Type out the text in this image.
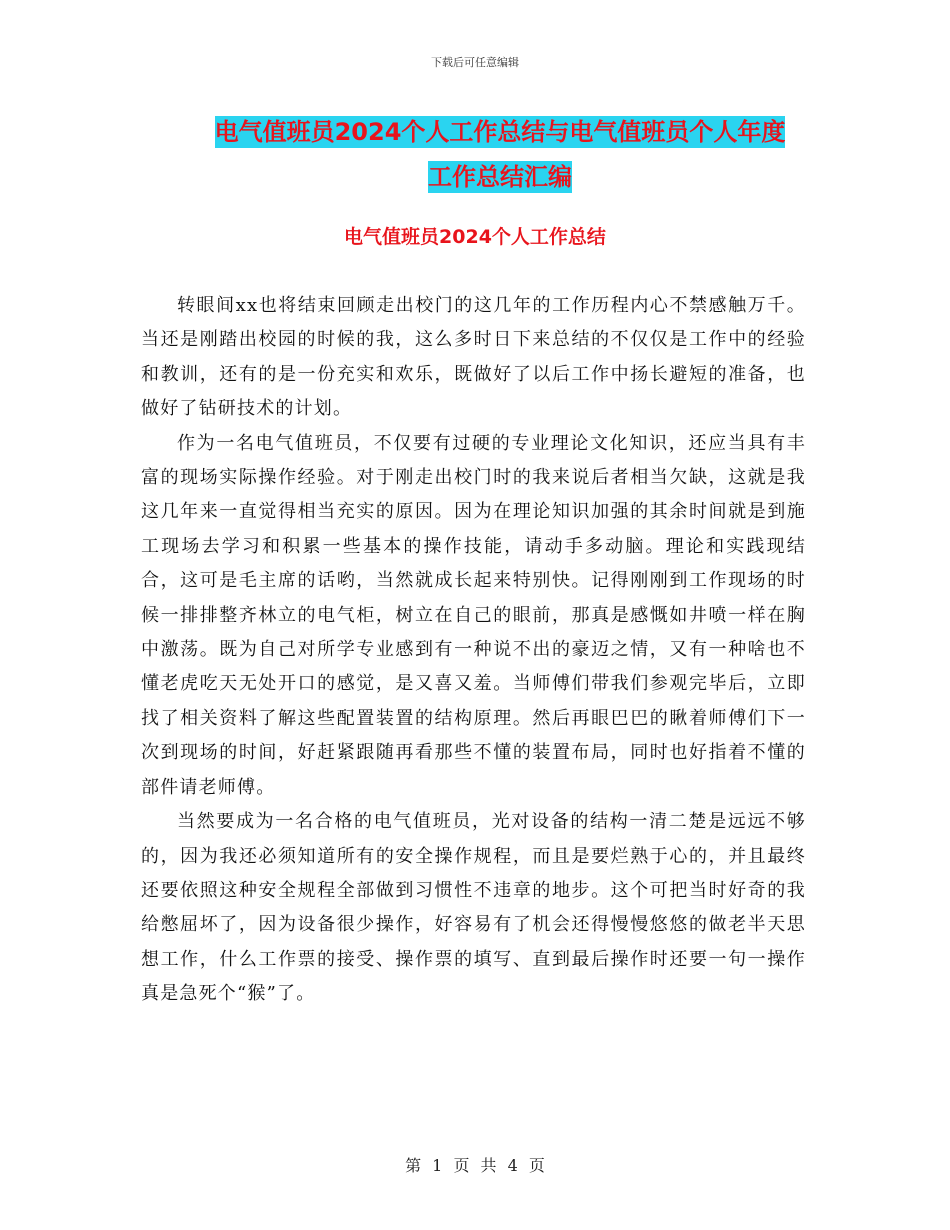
下载后可任意编辑
电气值班员2024个人工作总结与电气值班员个人年度
工作总结汇编
电气值班员2024个人工作总结

转眼间xx也将结束回顾走出校门的这几年的工作历程内心不禁感触万千。当还是刚踏出校园的时候的我，这么多时日下来总结的不仅仅是工作中的经验和教训，还有的是一份充实和欢乐，既做好了以后工作中扬长避短的准备，也做好了钻研技术的计划。

作为一名电气值班员，不仅要有过硬的专业理论文化知识，还应当具有丰富的现场实际操作经验。对于刚走出校门时的我来说后者相当欠缺，这就是我这几年来一直觉得相当充实的原因。因为在理论知识加强的其余时间就是到施工现场去学习和积累一些基本的操作技能，请动手多动脑。理论和实践现结合，这可是毛主席的话哟，当然就成长起来特别快。记得刚刚到工作现场的时候一排排整齐林立的电气柜，树立在自己的眼前，那真是感慨如井喷一样在胸中激荡。既为自己对所学专业感到有一种说不出的豪迈之情，又有一种啥也不懂老虎吃天无处开口的感觉，是又喜又羞。当师傅们带我们参观完毕后，立即找了相关资料了解这些配置装置的结构原理。然后再眼巴巴的瞅着师傅们下一次到现场的时间，好赶紧跟随再看那些不懂的装置布局，同时也好指着不懂的部件请老师傅。

当然要成为一名合格的电气值班员，光对设备的结构一清二楚是远远不够的，因为我还必须知道所有的安全操作规程，而且是要烂熟于心的，并且最终还要依照这种安全规程全部做到习惯性不违章的地步。这个可把当时好奇的我给憋屈坏了，因为设备很少操作，好容易有了机会还得慢慢悠悠的做老半天思想工作，什么工作票的接受、操作票的填写、直到最后操作时还要一句一操作真是急死个“猴”了。

第 1 页 共 4 页
